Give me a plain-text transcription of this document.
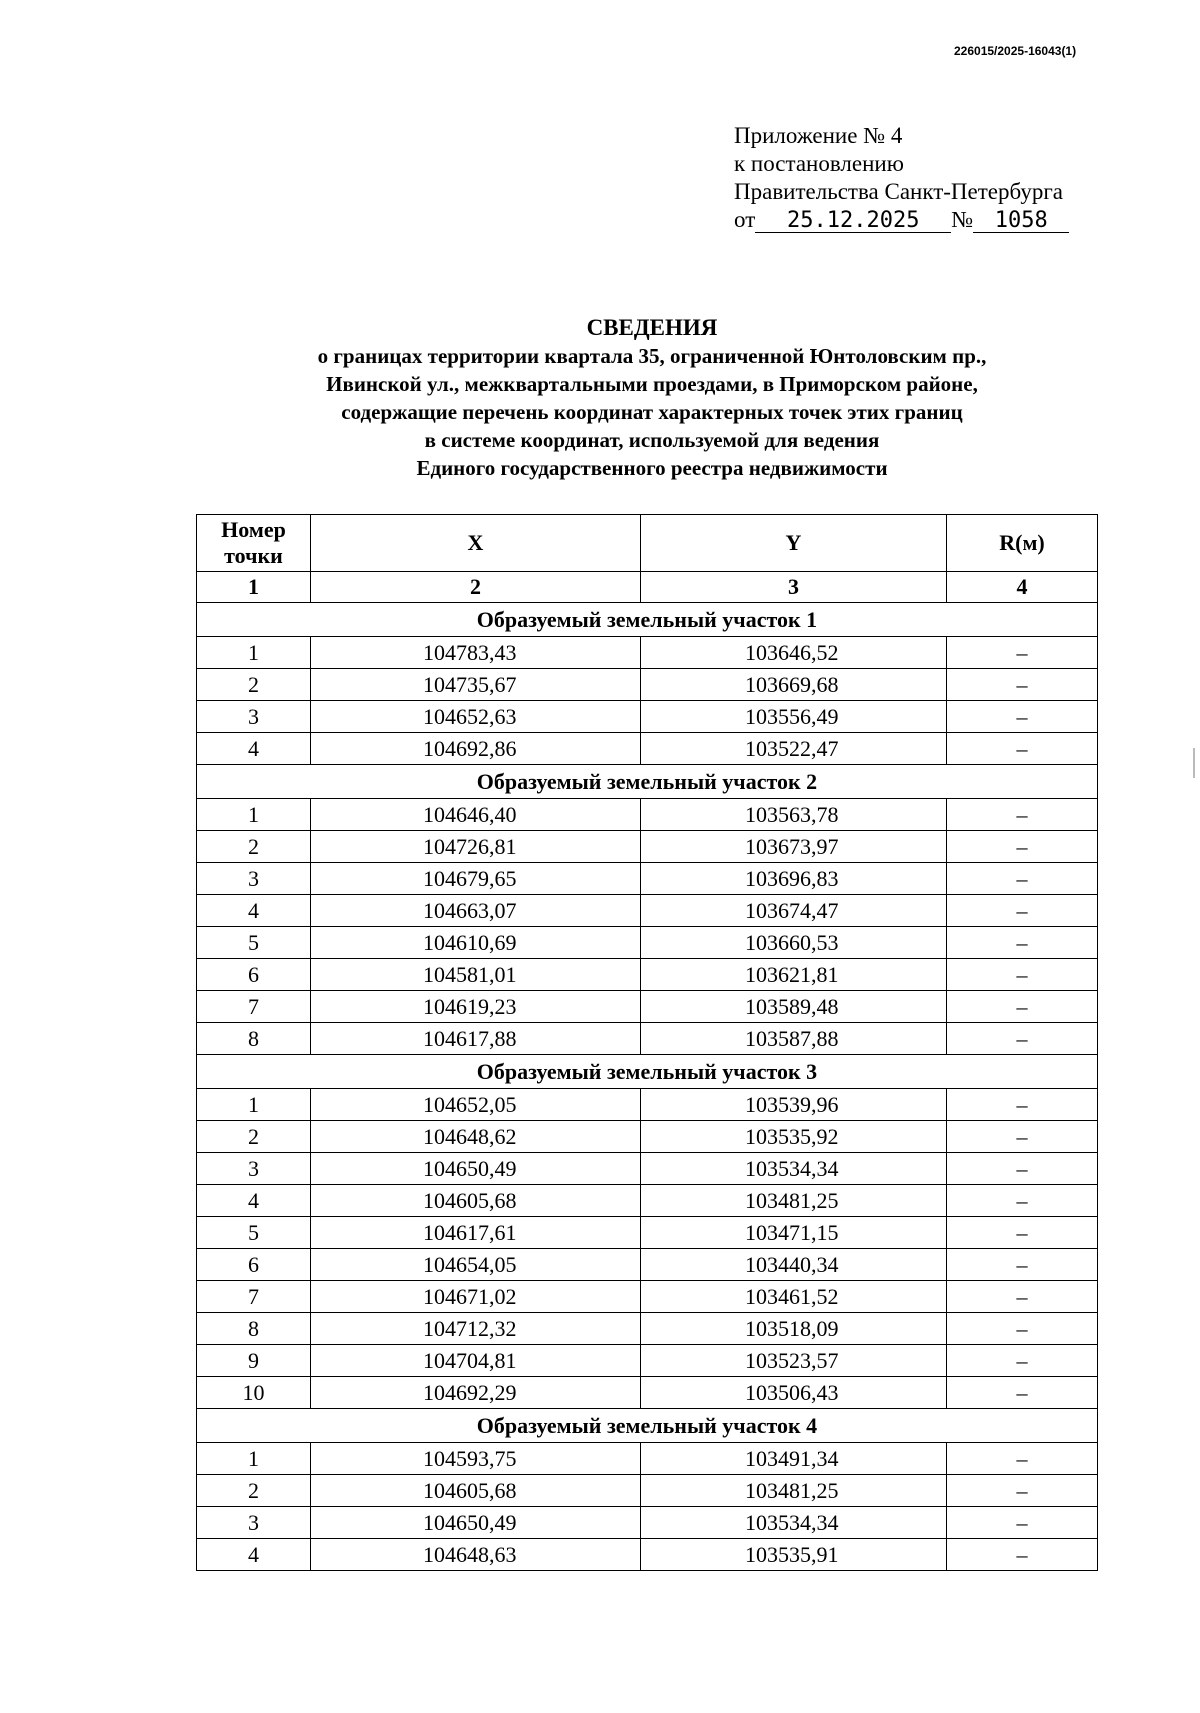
226015/2025-16043(1)
Приложение № 4
к постановлению
Правительства Санкт-Петербурга
от 25.12.2025 № 1058
СВЕДЕНИЯ
о границах территории квартала 35, ограниченной Юнтоловским пр.,
Ивинской ул., межквартальными проездами, в Приморском районе,
содержащие перечень координат характерных точек этих границ
в системе координат, используемой для ведения
Единого государственного реестра недвижимости
Номер точки	X	Y	R(м)
1	2	3	4
Образуемый земельный участок 1			
1	104783,43	103646,52	–
2	104735,67	103669,68	–
3	104652,63	103556,49	–
4	104692,86	103522,47	–
Образуемый земельный участок 2			
1	104646,40	103563,78	–
2	104726,81	103673,97	–
3	104679,65	103696,83	–
4	104663,07	103674,47	–
5	104610,69	103660,53	–
6	104581,01	103621,81	–
7	104619,23	103589,48	–
8	104617,88	103587,88	–
Образуемый земельный участок 3			
1	104652,05	103539,96	–
2	104648,62	103535,92	–
3	104650,49	103534,34	–
4	104605,68	103481,25	–
5	104617,61	103471,15	–
6	104654,05	103440,34	–
7	104671,02	103461,52	–
8	104712,32	103518,09	–
9	104704,81	103523,57	–
10	104692,29	103506,43	–
Образуемый земельный участок 4			
1	104593,75	103491,34	–
2	104605,68	103481,25	–
3	104650,49	103534,34	–
4	104648,63	103535,91	–
